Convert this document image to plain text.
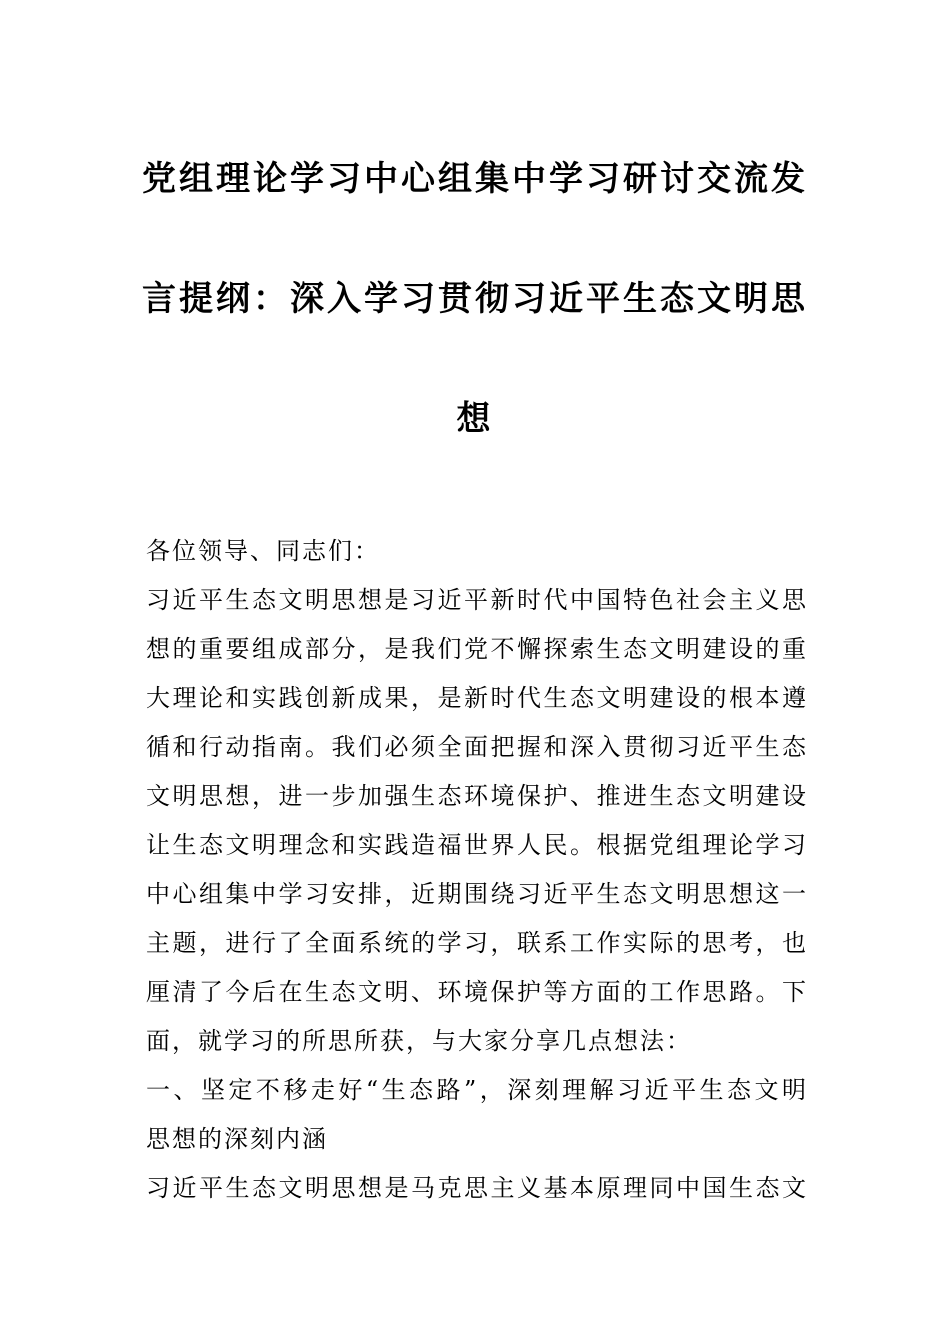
党组理论学习中心组集中学习研讨交流发
言提纲：深入学习贯彻习近平生态文明思
想
各位领导、同志们：
习近平生态文明思想是习近平新时代中国特色社会主义思
想的重要组成部分，是我们党不懈探索生态文明建设的重
大理论和实践创新成果，是新时代生态文明建设的根本遵
循和行动指南。我们必须全面把握和深入贯彻习近平生态
文明思想，进一步加强生态环境保护、推进生态文明建设
让生态文明理念和实践造福世界人民。根据党组理论学习
中心组集中学习安排，近期围绕习近平生态文明思想这一
主题，进行了全面系统的学习，联系工作实际的思考，也
厘清了今后在生态文明、环境保护等方面的工作思路。下
面，就学习的所思所获，与大家分享几点想法：
一、坚定不移走好“生态路”，深刻理解习近平生态文明
思想的深刻内涵
习近平生态文明思想是马克思主义基本原理同中国生态文
